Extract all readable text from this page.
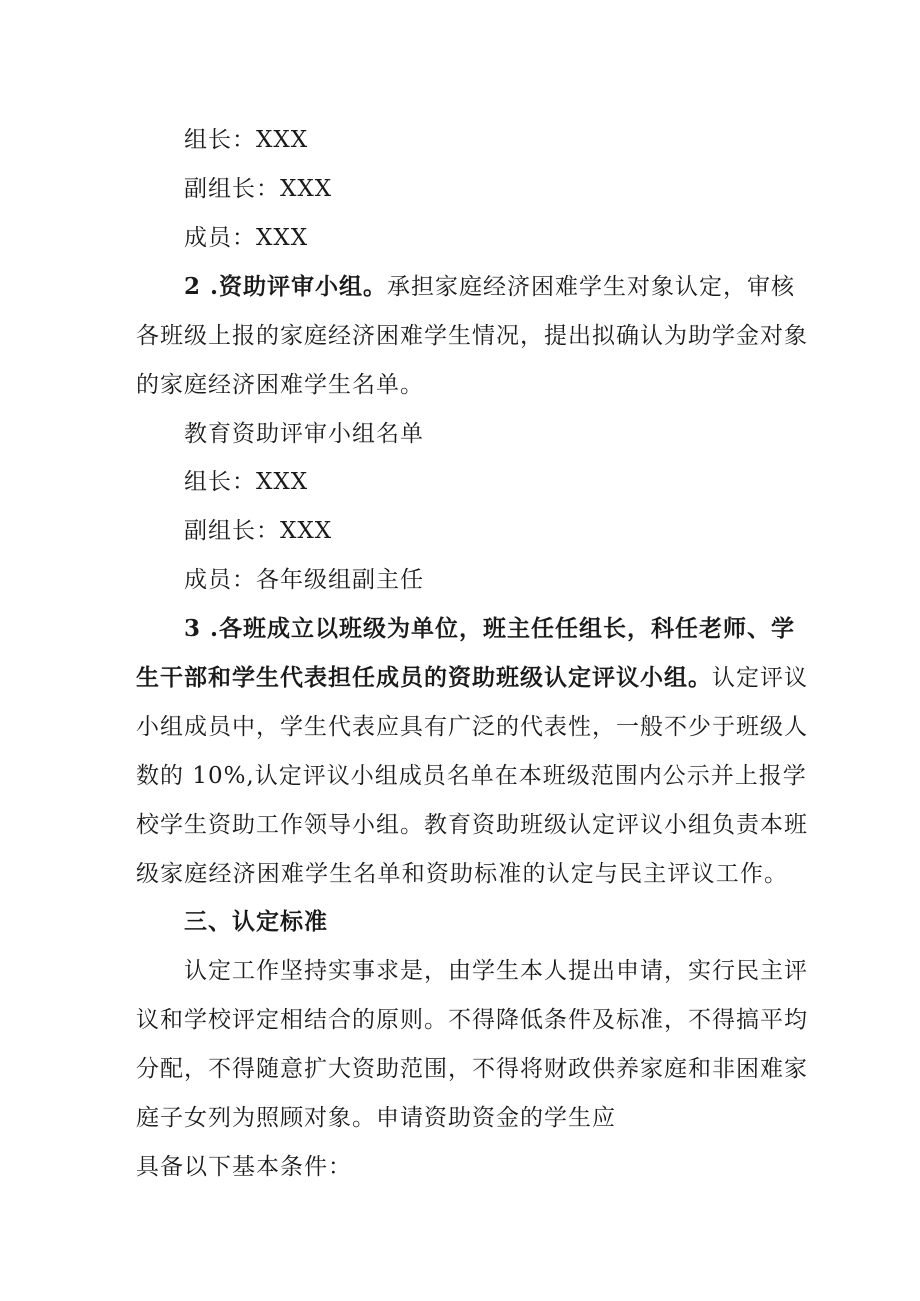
组长：XXX
副组长：XXX
成员：XXX
2 .资助评审小组。承担家庭经济困难学生对象认定，审核
各班级上报的家庭经济困难学生情况，提出拟确认为助学金对象
的家庭经济困难学生名单。
教育资助评审小组名单
组长：XXX
副组长：XXX
成员：各年级组副主任
3 .各班成立以班级为单位，班主任任组长，科任老师、学
生干部和学生代表担任成员的资助班级认定评议小组。认定评议
小组成员中，学生代表应具有广泛的代表性，一般不少于班级人
数的 10%,认定评议小组成员名单在本班级范围内公示并上报学
校学生资助工作领导小组。教育资助班级认定评议小组负责本班
级家庭经济困难学生名单和资助标准的认定与民主评议工作。
三、认定标准
认定工作坚持实事求是，由学生本人提出申请，实行民主评
议和学校评定相结合的原则。不得降低条件及标准，不得搞平均
分配，不得随意扩大资助范围，不得将财政供养家庭和非困难家
庭子女列为照顾对象。申请资助资金的学生应
具备以下基本条件：
